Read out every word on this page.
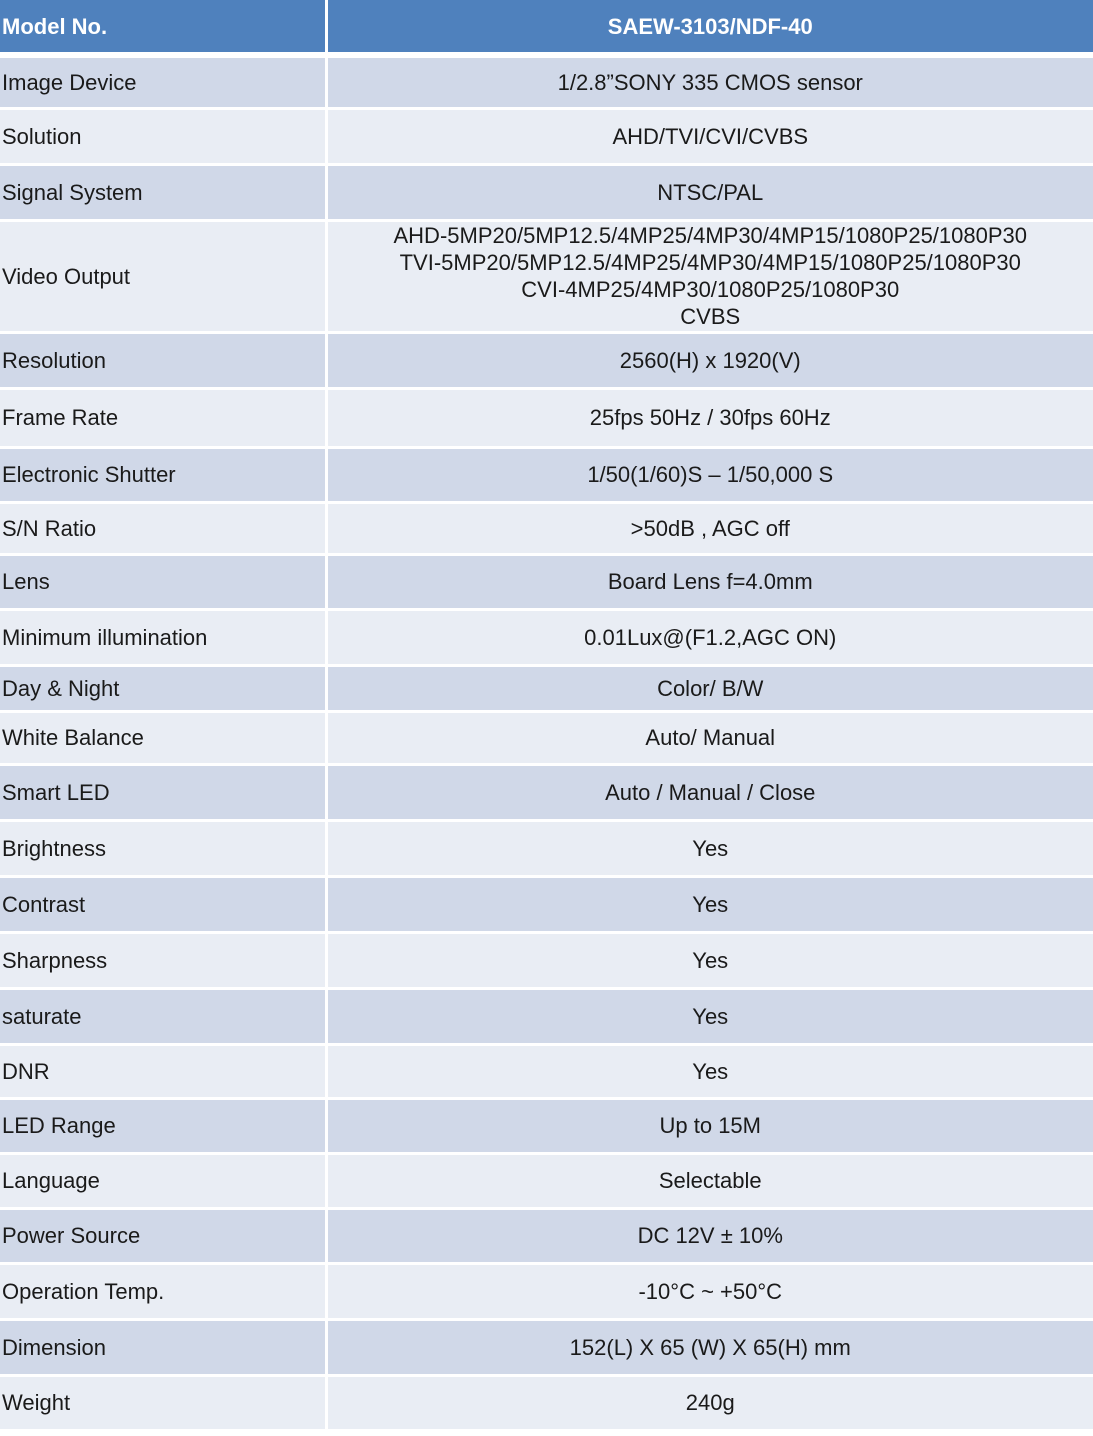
Model No.	SAEW-3103/NDF-40
Image Device	1/2.8”SONY 335 CMOS sensor
Solution	AHD/TVI/CVI/CVBS
Signal System	NTSC/PAL
Video Output	AHD-5MP20/5MP12.5/4MP25/4MP30/4MP15/1080P25/1080P30
TVI-5MP20/5MP12.5/4MP25/4MP30/4MP15/1080P25/1080P30
CVI-4MP25/4MP30/1080P25/1080P30
CVBS

Resolution	2560(H) x 1920(V)
Frame Rate	25fps 50Hz / 30fps 60Hz
Electronic Shutter	1/50(1/60)S – 1/50,000 S
S/N Ratio	>50dB , AGC off
Lens	Board Lens f=4.0mm
Minimum illumination	0.01Lux@(F1.2,AGC ON)
Day & Night	Color/ B/W
White Balance	Auto/ Manual
Smart LED	Auto / Manual / Close
Brightness	Yes
Contrast	Yes
Sharpness	Yes
saturate	Yes
DNR	Yes
LED Range	Up to 15M
Language	Selectable
Power Source	DC 12V ± 10%
Operation Temp.	-10°C ~ +50°C
Dimension	152(L) X 65 (W) X 65(H) mm
Weight	240g
